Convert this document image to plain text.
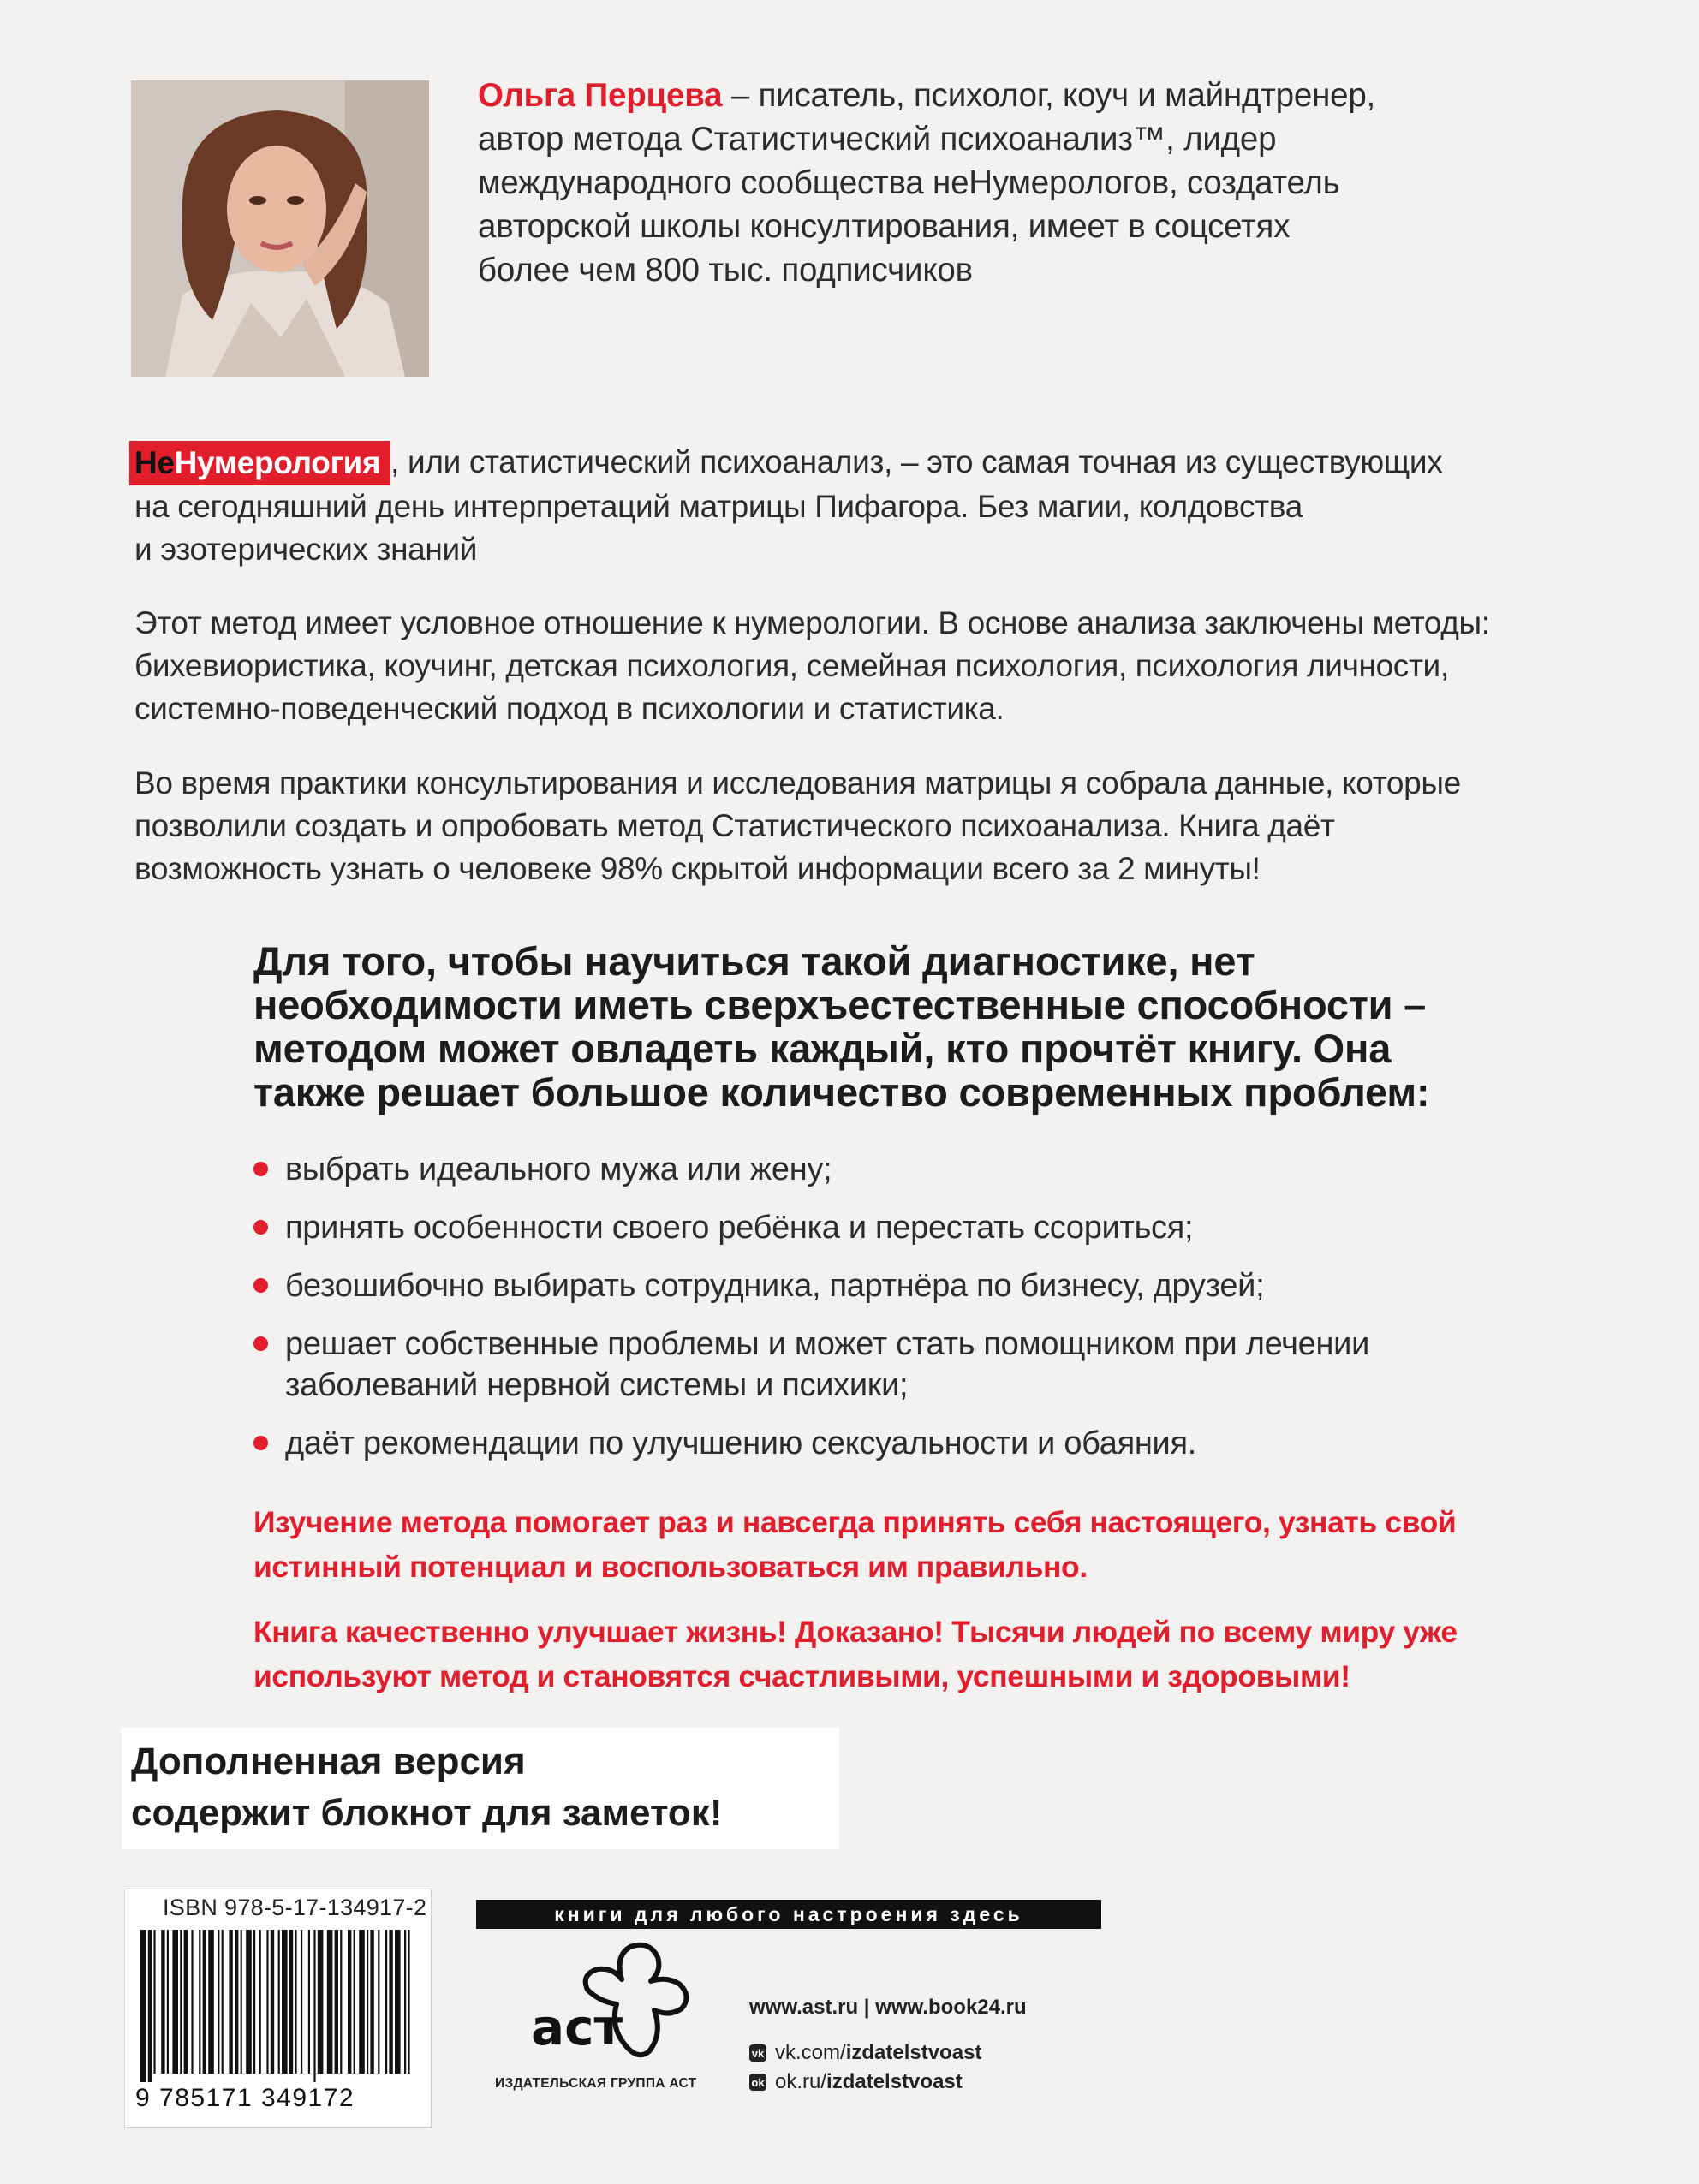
Ольга Перцева – писатель, психолог, коуч и майндтренер,
автор метода Статистический психоанализ™, лидер
международного сообщества неНумерологов, создатель
авторской школы консултирования, имеет в соцсетях
более чем 800 тыс. подписчиков
НеНумерология , или статистический психоанализ, – это самая точная из существующих
на сегодняшний день интерпретаций матрицы Пифагора. Без магии, колдовства
и эзотерических знаний
Этот метод имеет условное отношение к нумерологии. В основе анализа заключены методы:
бихевиористика, коучинг, детская психология, семейная психология, психология личности,
системно-поведенческий подход в психологии и статистика.
Во время практики консультирования и исследования матрицы я собрала данные, которые
позволили создать и опробовать метод Статистического психоанализа. Книга даёт
возможность узнать о человеке 98% скрытой информации всего за 2 минуты!
Для того, чтобы научиться такой диагностике, нет
необходимости иметь сверхъестественные способности –
методом может овладеть каждый, кто прочтёт книгу. Она
также решает большое количество современных проблем:
выбрать идеального мужа или жену;
принять особенности своего ребёнка и перестать ссориться;
безошибочно выбирать сотрудника, партнёра по бизнесу, друзей;
решает собственные проблемы и может стать помощником при лечении
заболеваний нервной системы и психики;
даёт рекомендации по улучшению сексуальности и обаяния.
Изучение метода помогает раз и навсегда принять себя настоящего, узнать свой
истинный потенциал и воспользоваться им правильно.
Книга качественно улучшает жизнь! Доказано! Тысячи людей по всему миру уже
используют метод и становятся счастливыми, успешными и здоровыми!
Дополненная версия
содержит блокнот для заметок!
ISBN 978-5-17-134917-2
9 785171 349172
книги для любого настроения здесь
аст
ИЗДАТЕЛЬСКАЯ ГРУППА АСТ
www.ast.ru | www.book24.ru
vk vk.com/ izdatelstvoast
ok ok.ru/ izdatelstvoast
